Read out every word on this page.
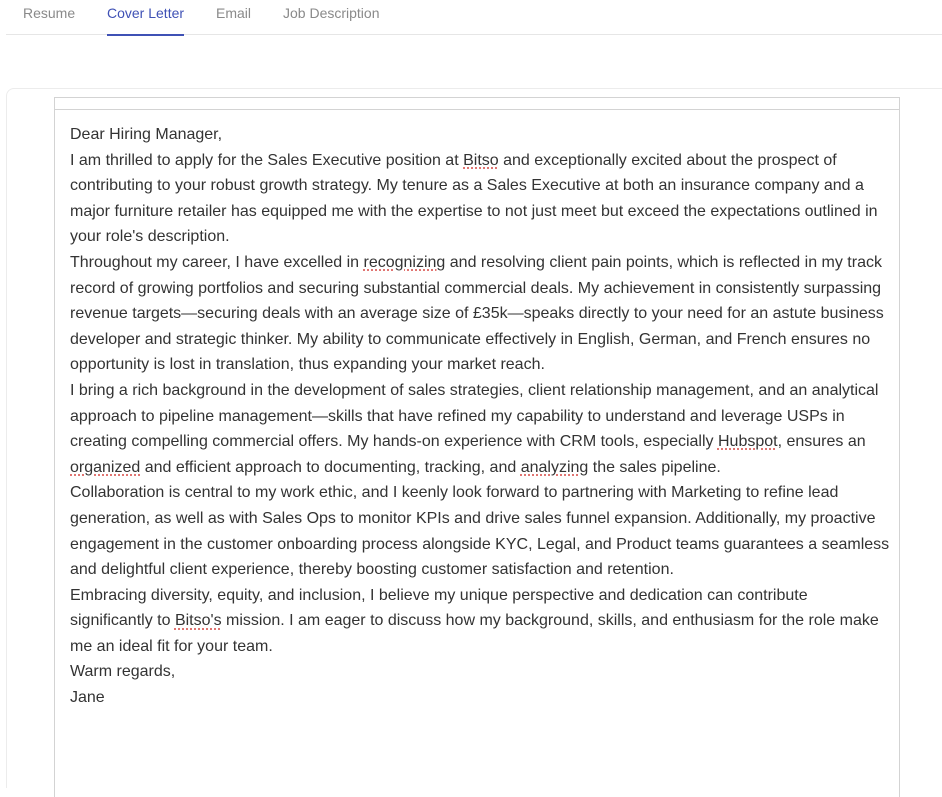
Resume Cover Letter Email Job Description

Dear Hiring Manager,

I am thrilled to apply for the Sales Executive position at Bitso and exceptionally excited about the prospect of contributing to your robust growth strategy. My tenure as a Sales Executive at both an insurance company and a major furniture retailer has equipped me with the expertise to not just meet but exceed the expectations outlined in your role's description.

Throughout my career, I have excelled in recognizing and resolving client pain points, which is reflected in my track record of growing portfolios and securing substantial commercial deals. My achievement in consistently surpassing revenue targets—securing deals with an average size of £35k—speaks directly to your need for an astute business developer and strategic thinker. My ability to communicate effectively in English, German, and French ensures no opportunity is lost in translation, thus expanding your market reach.

I bring a rich background in the development of sales strategies, client relationship management, and an analytical approach to pipeline management—skills that have refined my capability to understand and leverage USPs in creating compelling commercial offers. My hands-on experience with CRM tools, especially Hubspot, ensures an organized and efficient approach to documenting, tracking, and analyzing the sales pipeline.

Collaboration is central to my work ethic, and I keenly look forward to partnering with Marketing to refine lead generation, as well as with Sales Ops to monitor KPIs and drive sales funnel expansion. Additionally, my proactive engagement in the customer onboarding process alongside KYC, Legal, and Product teams guarantees a seamless and delightful client experience, thereby boosting customer satisfaction and retention.

Embracing diversity, equity, and inclusion, I believe my unique perspective and dedication can contribute significantly to Bitso's mission. I am eager to discuss how my background, skills, and enthusiasm for the role make me an ideal fit for your team.

Warm regards,

Jane
